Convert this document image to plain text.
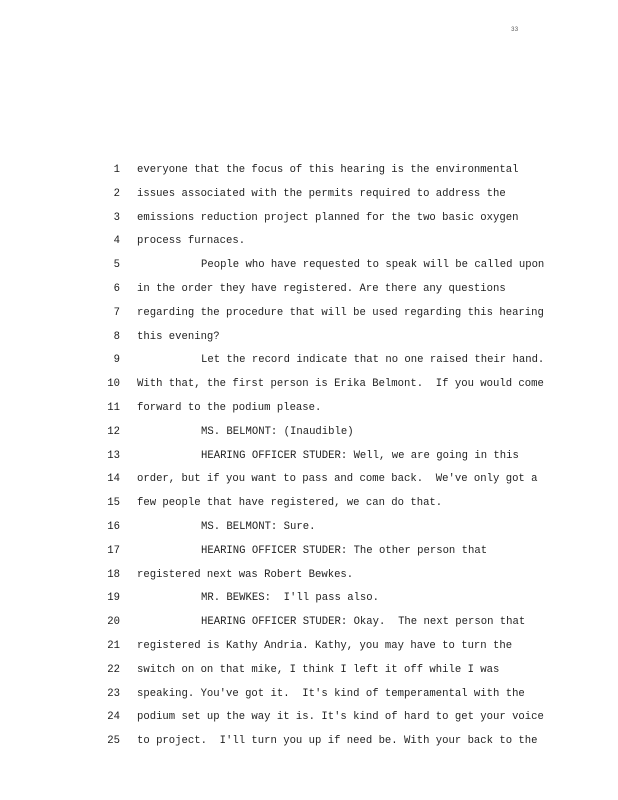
33
1 everyone that the focus of this hearing is the environmental
2 issues associated with the permits required to address the
3 emissions reduction project planned for the two basic oxygen
4 process furnaces.
5	People who have requested to speak will be called upon
6 in the order they have registered. Are there any questions
7 regarding the procedure that will be used regarding this hearing
8 this evening?
9	Let the record indicate that no one raised their hand.
10 With that, the first person is Erika Belmont.  If you would come
11 forward to the podium please.
12	MS. BELMONT: (Inaudible)
13	HEARING OFFICER STUDER: Well, we are going in this
14 order, but if you want to pass and come back.  We've only got a
15 few people that have registered, we can do that.
16	MS. BELMONT: Sure.
17	HEARING OFFICER STUDER: The other person that
18 registered next was Robert Bewkes.
19	MR. BEWKES:  I'll pass also.
20	HEARING OFFICER STUDER: Okay.  The next person that
21 registered is Kathy Andria. Kathy, you may have to turn the
22 switch on on that mike, I think I left it off while I was
23 speaking. You've got it.  It's kind of temperamental with the
24 podium set up the way it is. It's kind of hard to get your voice
25 to project.  I'll turn you up if need be. With your back to the
